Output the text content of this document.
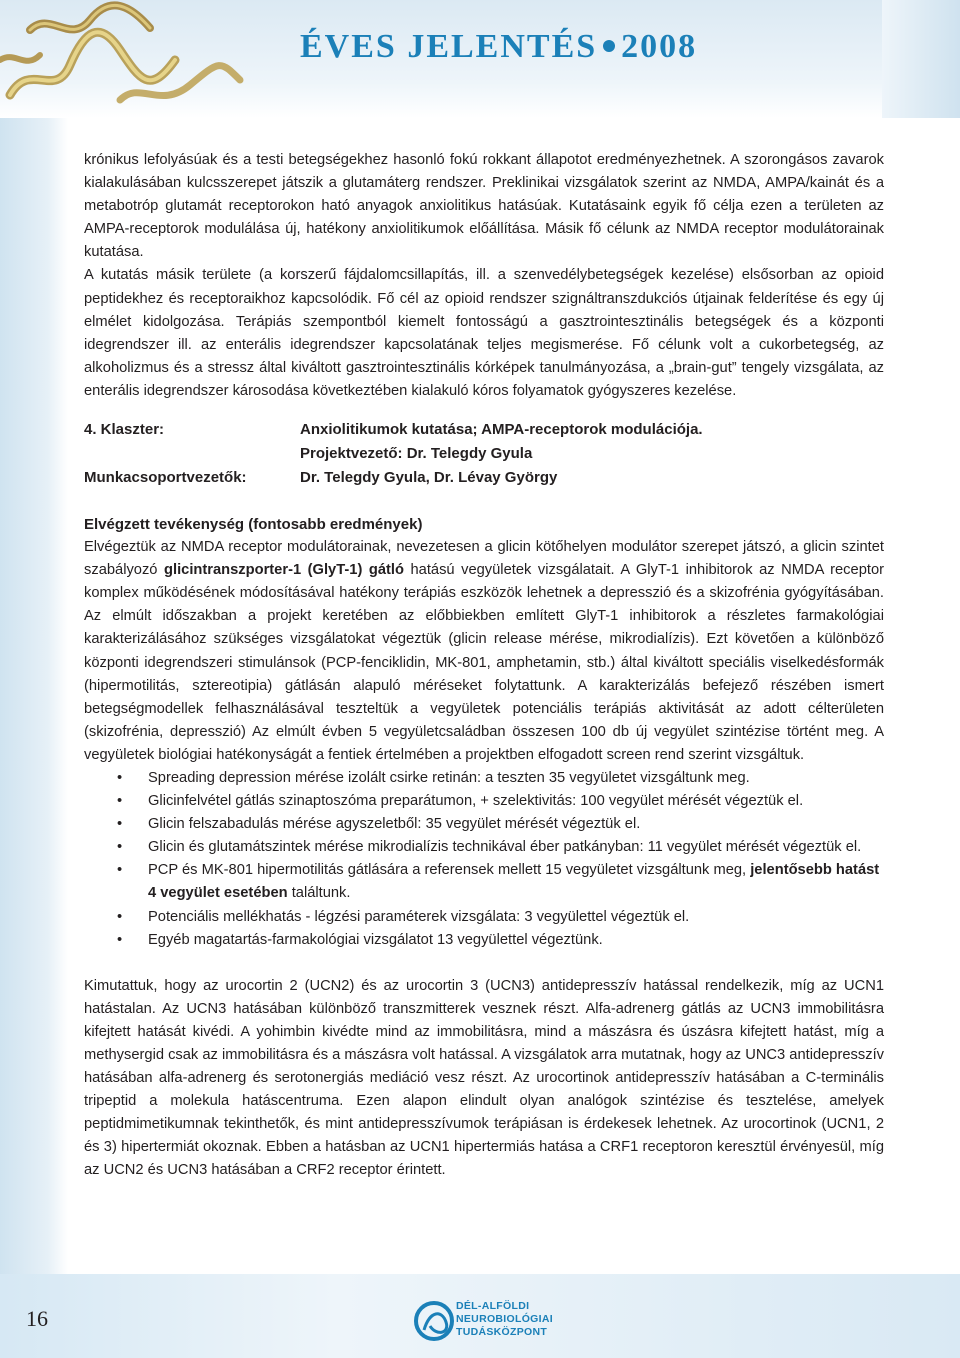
ÉVES JELENTÉS 2008

krónikus lefolyásúak és a testi betegségekhez hasonló fokú rokkant állapotot eredményezhetnek. A szorongásos zavarok kialakulásában kulcsszerepet játszik a glutamáterg rendszer. Preklinikai vizsgálatok szerint az NMDA, AMPA/kainát és a metabotróp glutamát receptorokon ható anyagok anxiolitikus hatásúak. Kutatásaink egyik fő célja ezen a területen az AMPA-receptorok modulálása új, hatékony anxiolitikumok előállítása. Másik fő célunk az NMDA receptor modulátorainak kutatása.

A kutatás másik területe (a korszerű fájdalomcsillapítás, ill. a szenvedélybetegségek kezelése) elsősorban az opioid peptidekhez és receptoraikhoz kapcsolódik. Fő cél az opioid rendszer szignáltranszdukciós útjainak felderítése és egy új elmélet kidolgozása. Terápiás szempontból kiemelt fontosságú a gasztrointesztinális betegségek és a központi idegrendszer ill. az enterális idegrendszer kapcsolatának teljes megismerése. Fő célunk volt a cukorbetegség, az alkoholizmus és a stressz által kiváltott gasztrointesztinális kórképek tanulmányozása, a „brain-gut” tengely vizsgálata, az enterális idegrendszer károsodása következtében kialakuló kóros folyamatok gyógyszeres kezelése.

4. Klaszter:	Anxiolitikumok kutatása; AMPA-receptorok modulációja.
Projektvezető: Dr. Telegdy Gyula
Munkacsoportvezetők:	Dr. Telegdy Gyula, Dr. Lévay György
Elvégzett tevékenység (fontosabb eredmények)

Elvégeztük az NMDA receptor modulátorainak, nevezetesen a glicin kötőhelyen modulátor szerepet játszó, a glicin szintet szabályozó glicintranszporter-1 (GlyT-1) gátló hatású vegyületek vizsgálatait. A GlyT-1 inhibitorok az NMDA receptor komplex működésének módosításával hatékony terápiás eszközök lehetnek a depresszió és a skizofrénia gyógyításában. Az elmúlt időszakban a projekt keretében az előbbiekben említett GlyT-1 inhibitorok a részletes farmakológiai karakterizálásához szükséges vizsgálatokat végeztük (glicin release mérése, mikrodialízis). Ezt követően a különböző központi idegrendszeri stimulánsok (PCP-fenciklidin, MK-801, amphetamin, stb.) által kiváltott speciális viselkedésformák (hipermotilitás, sztereotipia) gátlásán alapuló méréseket folytattunk. A karakterizálás befejező részében ismert betegségmodellek felhasználásával teszteltük a vegyületek potenciális terápiás aktivitását az adott célterületen (skizofrénia, depresszió) Az elmúlt évben 5 vegyületcsaládban összesen 100 db új vegyület szintézise történt meg. A vegyületek biológiai hatékonyságát a fentiek értelmében a projektben elfogadott screen rend szerint vizsgáltuk.

• Spreading depression mérése izolált csirke retinán: a teszten 35 vegyületet vizsgáltunk meg.
• Glicinfelvétel gátlás szinaptoszóma preparátumon, + szelektivitás: 100 vegyület mérését végeztük el.
• Glicin felszabadulás mérése agyszeletből: 35 vegyület mérését végeztük el.
• Glicin és glutamátszintek mérése mikrodialízis technikával éber patkányban: 11 vegyület mérését végeztük el.
• PCP és MK-801 hipermotilitás gátlására a referensek mellett 15 vegyületet vizsgáltunk meg, jelentősebb hatást 4 vegyület esetében találtunk.
• Potenciális mellékhatás - légzési paraméterek vizsgálata: 3 vegyülettel végeztük el.
• Egyéb magatartás-farmakológiai vizsgálatot 13 vegyülettel végeztünk.

Kimutattuk, hogy az urocortin 2 (UCN2) és az urocortin 3 (UCN3) antidepresszív hatással rendelkezik, míg az UCN1 hatástalan. Az UCN3 hatásában különböző transzmitterek vesznek részt. Alfa-adrenerg gátlás az UCN3 immobilitásra kifejtett hatását kivédi. A yohimbin kivédte mind az immobilitásra, mind a mászásra és úszásra kifejtett hatást, míg a methysergid csak az immobilitásra és a mászásra volt hatással. A vizsgálatok arra mutatnak, hogy az UNC3 antidepresszív hatásában alfa-adrenerg és serotonergiás mediáció vesz részt. Az urocortinok antidepresszív hatásában a C-terminális tripeptid a molekula hatáscentruma. Ezen alapon elindult olyan analógok szintézise és tesztelése, amelyek peptidmimetikumnak tekinthetők, és mint antidepresszívumok terápiásan is érdekesek lehetnek. Az urocortinok (UCN1, 2 és 3) hipertermiát okoznak. Ebben a hatásban az UCN1 hipertermiás hatása a CRF1 receptoron keresztül érvényesül, míg az UCN2 és UCN3 hatásában a CRF2 receptor érintett.

16	DÉL-ALFÖLDI
NEUROBIOLÓGIAI
TUDÁSKÖZPONT
